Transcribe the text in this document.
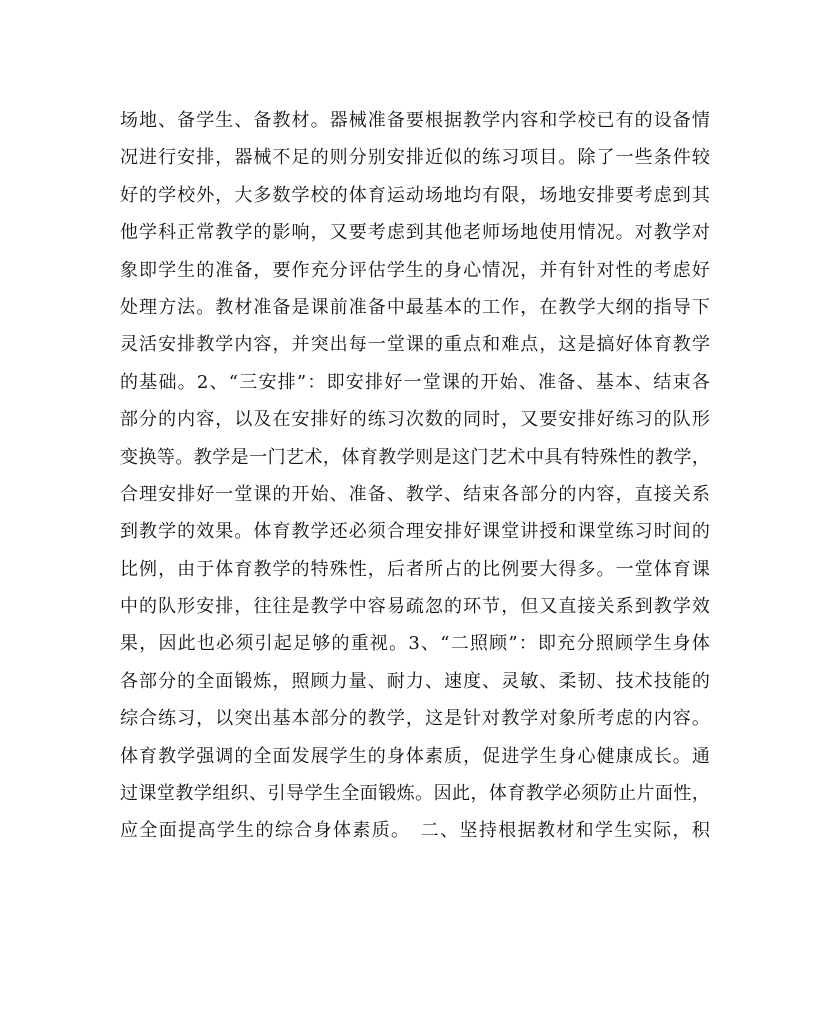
场地、备学生、备教材。器械准备要根据教学内容和学校已有的设备情
况进行安排，器械不足的则分别安排近似的练习项目。除了一些条件较
好的学校外，大多数学校的体育运动场地均有限，场地安排要考虑到其
他学科正常教学的影响，又要考虑到其他老师场地使用情况。对教学对
象即学生的准备，要作充分评估学生的身心情况，并有针对性的考虑好
处理方法。教材准备是课前准备中最基本的工作，在教学大纲的指导下
灵活安排教学内容，并突出每一堂课的重点和难点，这是搞好体育教学
的基础。2、“三安排”：即安排好一堂课的开始、准备、基本、结束各
部分的内容，以及在安排好的练习次数的同时，又要安排好练习的队形
变换等。教学是一门艺术，体育教学则是这门艺术中具有特殊性的教学，
合理安排好一堂课的开始、准备、教学、结束各部分的内容，直接关系
到教学的效果。体育教学还必须合理安排好课堂讲授和课堂练习时间的
比例，由于体育教学的特殊性，后者所占的比例要大得多。一堂体育课
中的队形安排，往往是教学中容易疏忽的环节，但又直接关系到教学效
果，因此也必须引起足够的重视。3、“二照顾”：即充分照顾学生身体
各部分的全面锻炼，照顾力量、耐力、速度、灵敏、柔韧、技术技能的
综合练习，以突出基本部分的教学，这是针对教学对象所考虑的内容。
体育教学强调的全面发展学生的身体素质，促进学生身心健康成长。通
过课堂教学组织、引导学生全面锻炼。因此，体育教学必须防止片面性，
应全面提高学生的综合身体素质。　二、坚持根据教材和学生实际，积
